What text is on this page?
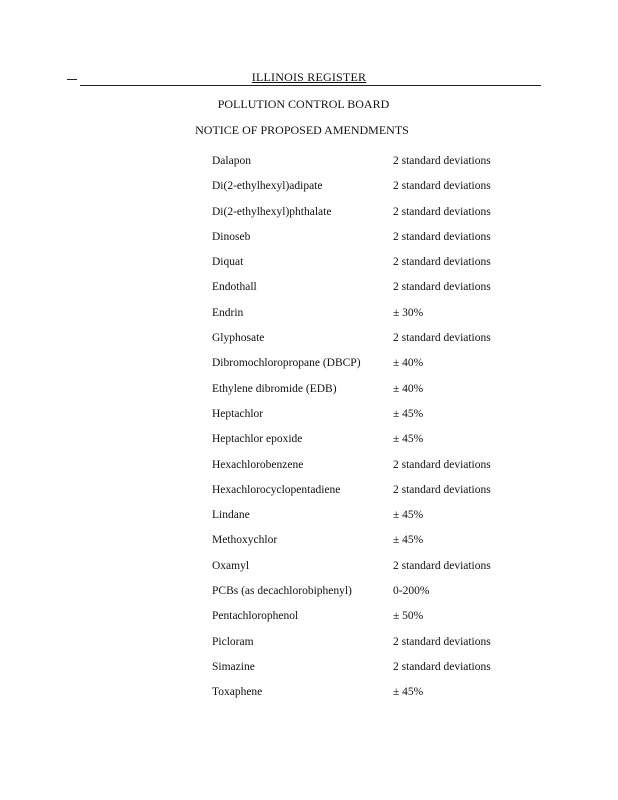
ILLINOIS REGISTER
POLLUTION CONTROL BOARD
NOTICE OF PROPOSED AMENDMENTS
Dalapon	2 standard deviations
Di(2-ethylhexyl)adipate	2 standard deviations
Di(2-ethylhexyl)phthalate	2 standard deviations
Dinoseb	2 standard deviations
Diquat	2 standard deviations
Endothall	2 standard deviations
Endrin	± 30%
Glyphosate	2 standard deviations
Dibromochloropropane (DBCP)	± 40%
Ethylene dibromide (EDB)	± 40%
Heptachlor	± 45%
Heptachlor epoxide	± 45%
Hexachlorobenzene	2 standard deviations
Hexachlorocyclopentadiene	2 standard deviations
Lindane	± 45%
Methoxychlor	± 45%
Oxamyl	2 standard deviations
PCBs (as decachlorobiphenyl)	0-200%
Pentachlorophenol	± 50%
Picloram	2 standard deviations
Simazine	2 standard deviations
Toxaphene	± 45%
